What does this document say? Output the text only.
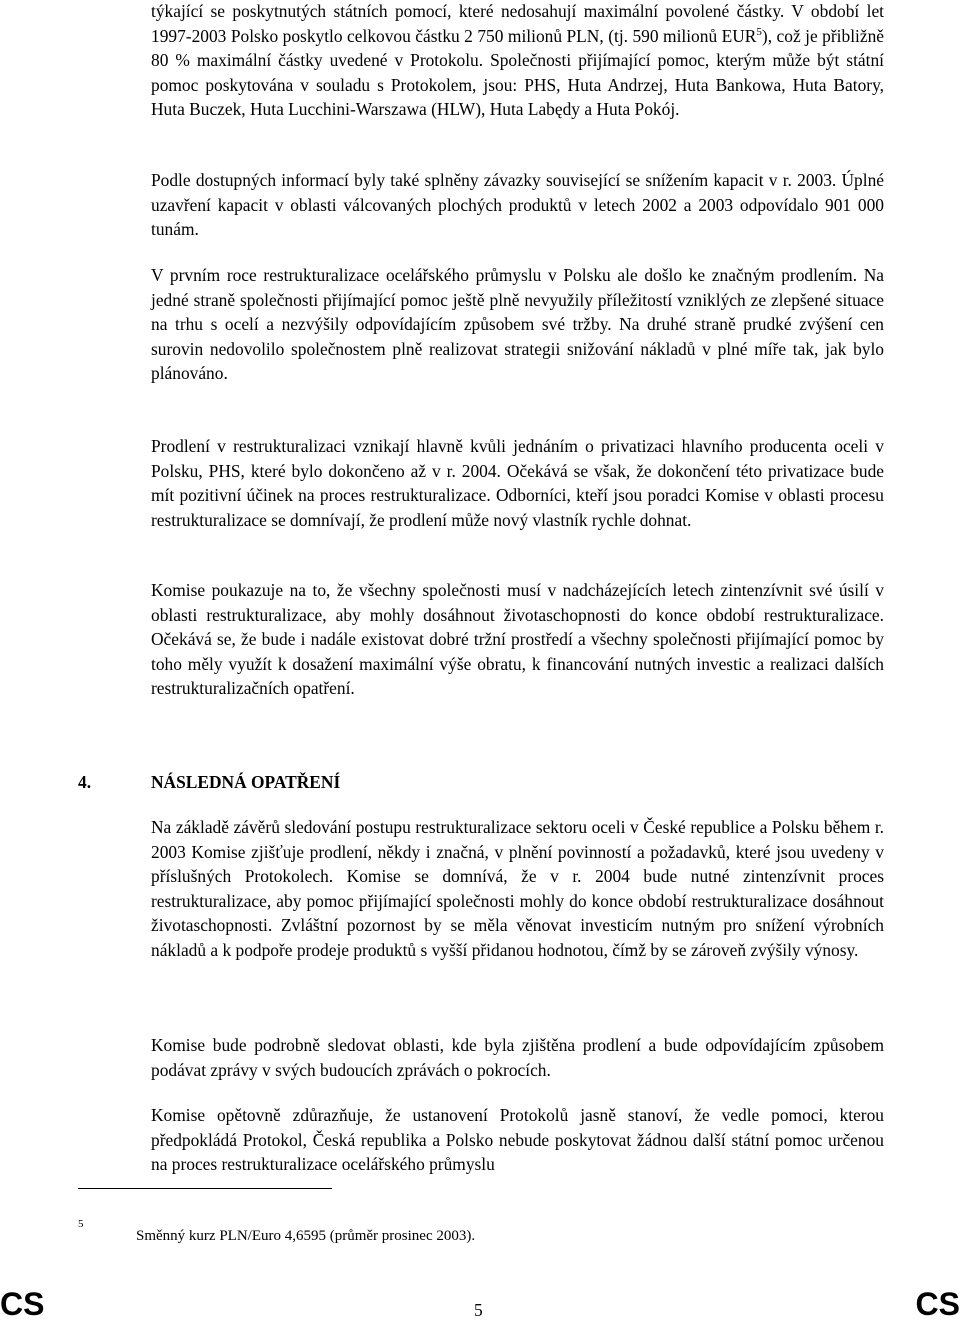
týkající se poskytnutých státních pomocí, které nedosahují maximální povolené částky. V období let 1997-2003 Polsko poskytlo celkovou částku 2 750 milionů PLN, (tj. 590 milionů EUR$^5$), což je přibližně 80 % maximální částky uvedené v Protokolu. Společnosti přijímající pomoc, kterým může být státní pomoc poskytována v souladu s Protokolem, jsou: PHS, Huta Andrzej, Huta Bankowa, Huta Batory, Huta Buczek, Huta Lucchini-Warszawa (HLW), Huta Labędy a Huta Pokój.

Podle dostupných informací byly také splněny závazky související se snížením kapacit v r. 2003. Úplné uzavření kapacit v oblasti válcovaných plochých produktů v letech 2002 a 2003 odpovídalo 901 000 tunám.

V prvním roce restrukturalizace ocelářského průmyslu v Polsku ale došlo ke značným prodlením. Na jedné straně společnosti přijímající pomoc ještě plně nevyužily příležitostí vzniklých ze zlepšené situace na trhu s ocelí a nezvýšily odpovídajícím způsobem své tržby. Na druhé straně prudké zvýšení cen surovin nedovolilo společnostem plně realizovat strategii snižování nákladů v plné míře tak, jak bylo plánováno.

Prodlení v restrukturalizaci vznikají hlavně kvůli jednáním o privatizaci hlavního producenta oceli v Polsku, PHS, které bylo dokončeno až v r. 2004. Očekává se však, že dokončení této privatizace bude mít pozitivní účinek na proces restrukturalizace. Odborníci, kteří jsou poradci Komise v oblasti procesu restrukturalizace se domnívají, že prodlení může nový vlastník rychle dohnat.

Komise poukazuje na to, že všechny společnosti musí v nadcházejících letech zintenzívnit své úsilí v oblasti restrukturalizace, aby mohly dosáhnout životaschopnosti do konce období restrukturalizace. Očekává se, že bude i nadále existovat dobré tržní prostředí a všechny společnosti přijímající pomoc by toho měly využít k dosažení maximální výše obratu, k financování nutných investic a realizaci dalších restrukturalizačních opatření.

4.	NÁSLEDNÁ OPATŘENÍ

Na základě závěrů sledování postupu restrukturalizace sektoru oceli v České republice a Polsku během r. 2003 Komise zjišťuje prodlení, někdy i značná, v plnění povinností a požadavků, které jsou uvedeny v příslušných Protokolech. Komise se domnívá, že v r. 2004 bude nutné zintenzívnit proces restrukturalizace, aby pomoc přijímající společnosti mohly do konce období restrukturalizace dosáhnout životaschopnosti. Zvláštní pozornost by se měla věnovat investicím nutným pro snížení výrobních nákladů a k podpoře prodeje produktů s vyšší přidanou hodnotou, čímž by se zároveň zvýšily výnosy.

Komise bude podrobně sledovat oblasti, kde byla zjištěna prodlení a bude odpovídajícím způsobem podávat zprávy v svých budoucích zprávách o pokrocích.

Komise opětovně zdůrazňuje, že ustanovení Protokolů jasně stanoví, že vedle pomoci, kterou předpokládá Protokol, Česká republika a Polsko nebude poskytovat žádnou další státní pomoc určenou na proces restrukturalizace ocelářského průmyslu

5
Směnný kurz PLN/Euro 4,6595 (průměr prosinec 2003).
CS	5	CS
